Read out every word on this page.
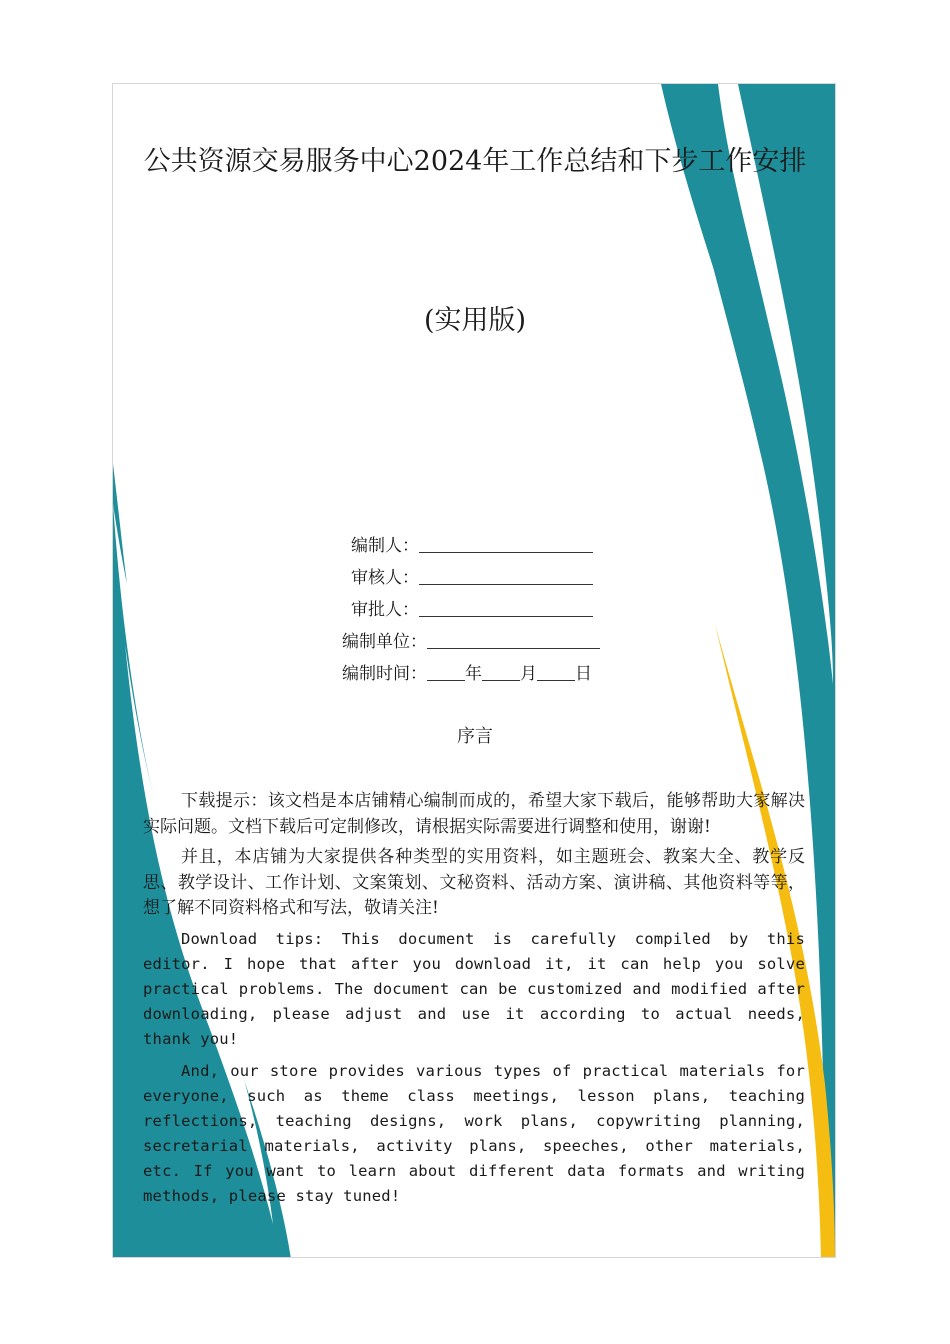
公共资源交易服务中心2024年工作总结和下步工作安排
(实用版)
编制人：
审核人：
审批人：
编制单位：
编制时间： 年 月 日
序言

下载提示：该文档是本店铺精心编制而成的，希望大家下载后，能够帮助大家解决实际问题。文档下载后可定制修改，请根据实际需要进行调整和使用，谢谢!

并且，本店铺为大家提供各种类型的实用资料，如主题班会、教案大全、教学反思、教学设计、工作计划、文案策划、文秘资料、活动方案、演讲稿、其他资料等等，想了解不同资料格式和写法，敬请关注!

Download tips: This document is carefully compiled by this editor. I hope that after you download it, it can help you solve practical problems. The document can be customized and modified after downloading, please adjust and use it according to actual needs, thank you!

And, our store provides various types of practical materials for everyone, such as theme class meetings, lesson plans, teaching reflections, teaching designs, work plans, copywriting planning, secretarial materials, activity plans, speeches, other materials, etc. If you want to learn about different data formats and writing methods, please stay tuned!
